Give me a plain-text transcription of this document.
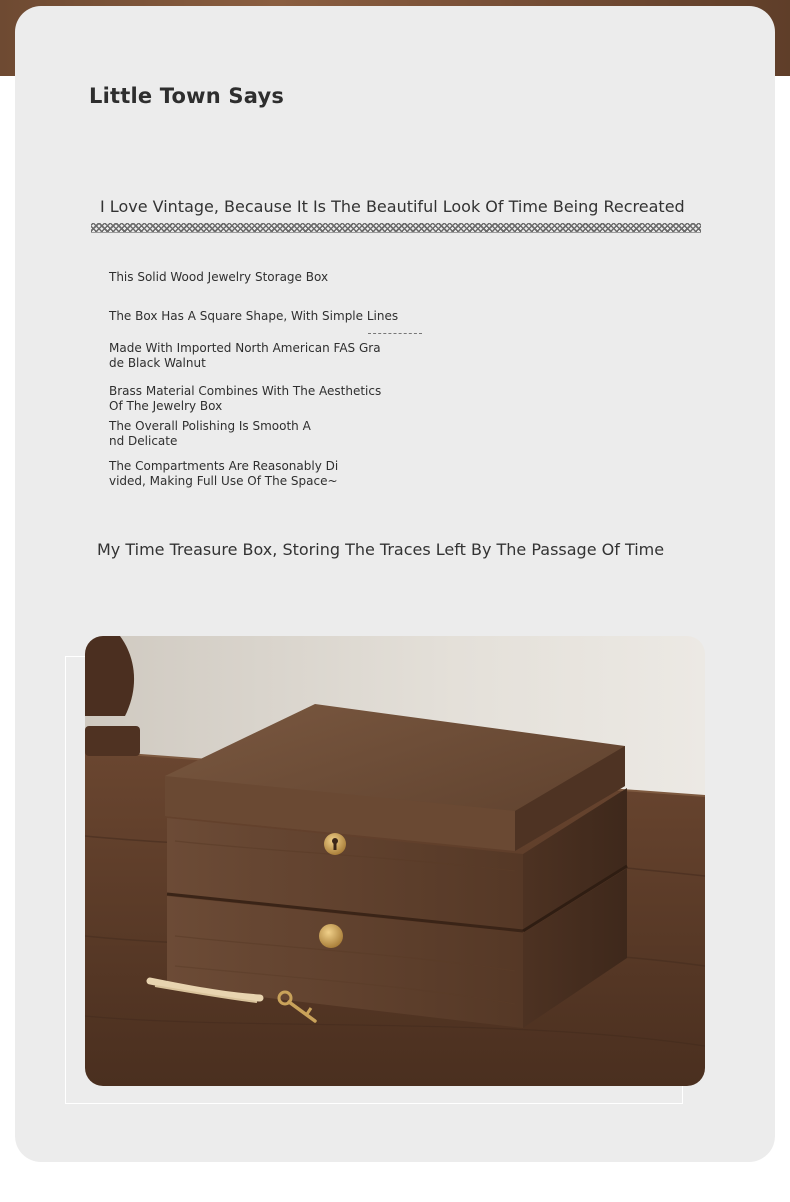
Little Town Says

I Love Vintage, Because It Is The Beautiful Look Of Time Being Recreated

This Solid Wood Jewelry Storage Box
The Box Has A Square Shape, With Simple Lines
Made With Imported North American FAS Gra
de Black Walnut
Brass Material Combines With The Aesthetics
Of The Jewelry Box
The Overall Polishing Is Smooth A
nd Delicate
The Compartments Are Reasonably Di
vided, Making Full Use Of The Space~

My Time Treasure Box, Storing The Traces Left By The Passage Of Time
